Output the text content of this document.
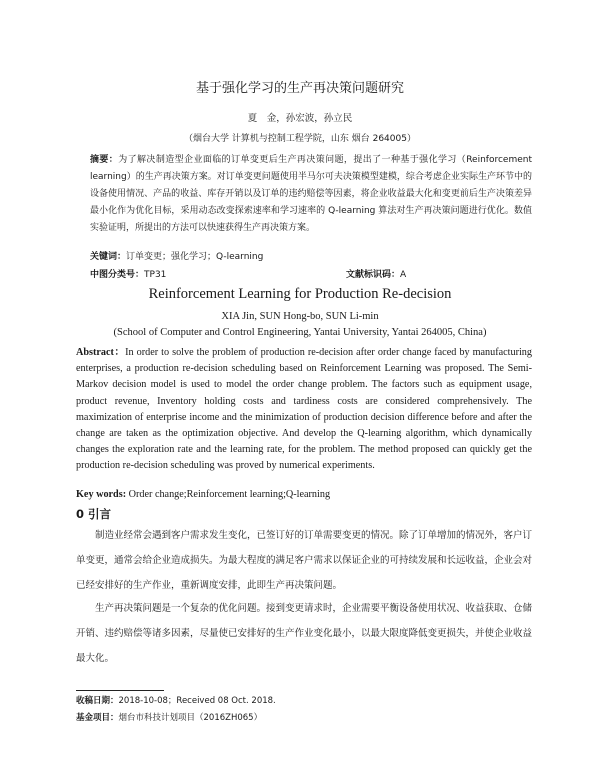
基于强化学习的生产再决策问题研究
夏　金，孙宏波，孙立民
（烟台大学 计算机与控制工程学院，山东 烟台 264005）
摘要：为了解决制造型企业面临的订单变更后生产再决策问题，提出了一种基于强化学习（Reinforcement learning）的生产再决策方案。对订单变更问题使用半马尔可夫决策模型建模，综合考虑企业实际生产环节中的设备使用情况、产品的收益、库存开销以及订单的违约赔偿等因素，将企业收益最大化和变更前后生产决策差异最小化作为优化目标，采用动态改变探索速率和学习速率的 Q-learning 算法对生产再决策问题进行优化。数值实验证明，所提出的方法可以快速获得生产再决策方案。
关键词：订单变更；强化学习；Q-learning
中图分类号：TP31	文献标识码：A
Reinforcement Learning for Production Re-decision
XIA Jin, SUN Hong-bo, SUN Li-min
(School of Computer and Control Engineering, Yantai University, Yantai 264005, China)
Abstract：In order to solve the problem of production re-decision after order change faced by manufacturing enterprises, a production re-decision scheduling based on Reinforcement Learning was proposed. The Semi-Markov decision model is used to model the order change problem. The factors such as equipment usage, product revenue, Inventory holding costs and tardiness costs are considered comprehensively. The maximization of enterprise income and the minimization of production decision difference before and after the change are taken as the optimization objective. And develop the Q-learning algorithm, which dynamically changes the exploration rate and the learning rate, for the problem. The method proposed can quickly get the production re-decision scheduling was proved by numerical experiments.
Key words: Order change;Reinforcement learning;Q-learning
0 引言
制造业经常会遇到客户需求发生变化，已签订好的订单需要变更的情况。除了订单增加的情况外，客户订单变更，通常会给企业造成损失。为最大程度的满足客户需求以保证企业的可持续发展和长远收益，企业会对已经安排好的生产作业，重新调度安排，此即生产再决策问题。
生产再决策问题是一个复杂的优化问题。接到变更请求时，企业需要平衡设备使用状况、收益获取、仓储开销、违约赔偿等诸多因素，尽量使已安排好的生产作业变化最小，以最大限度降低变更损失，并使企业收益最大化。
收稿日期：2018-10-08；Received 08 Oct. 2018.
基金项目：烟台市科技计划项目（2016ZH065）
